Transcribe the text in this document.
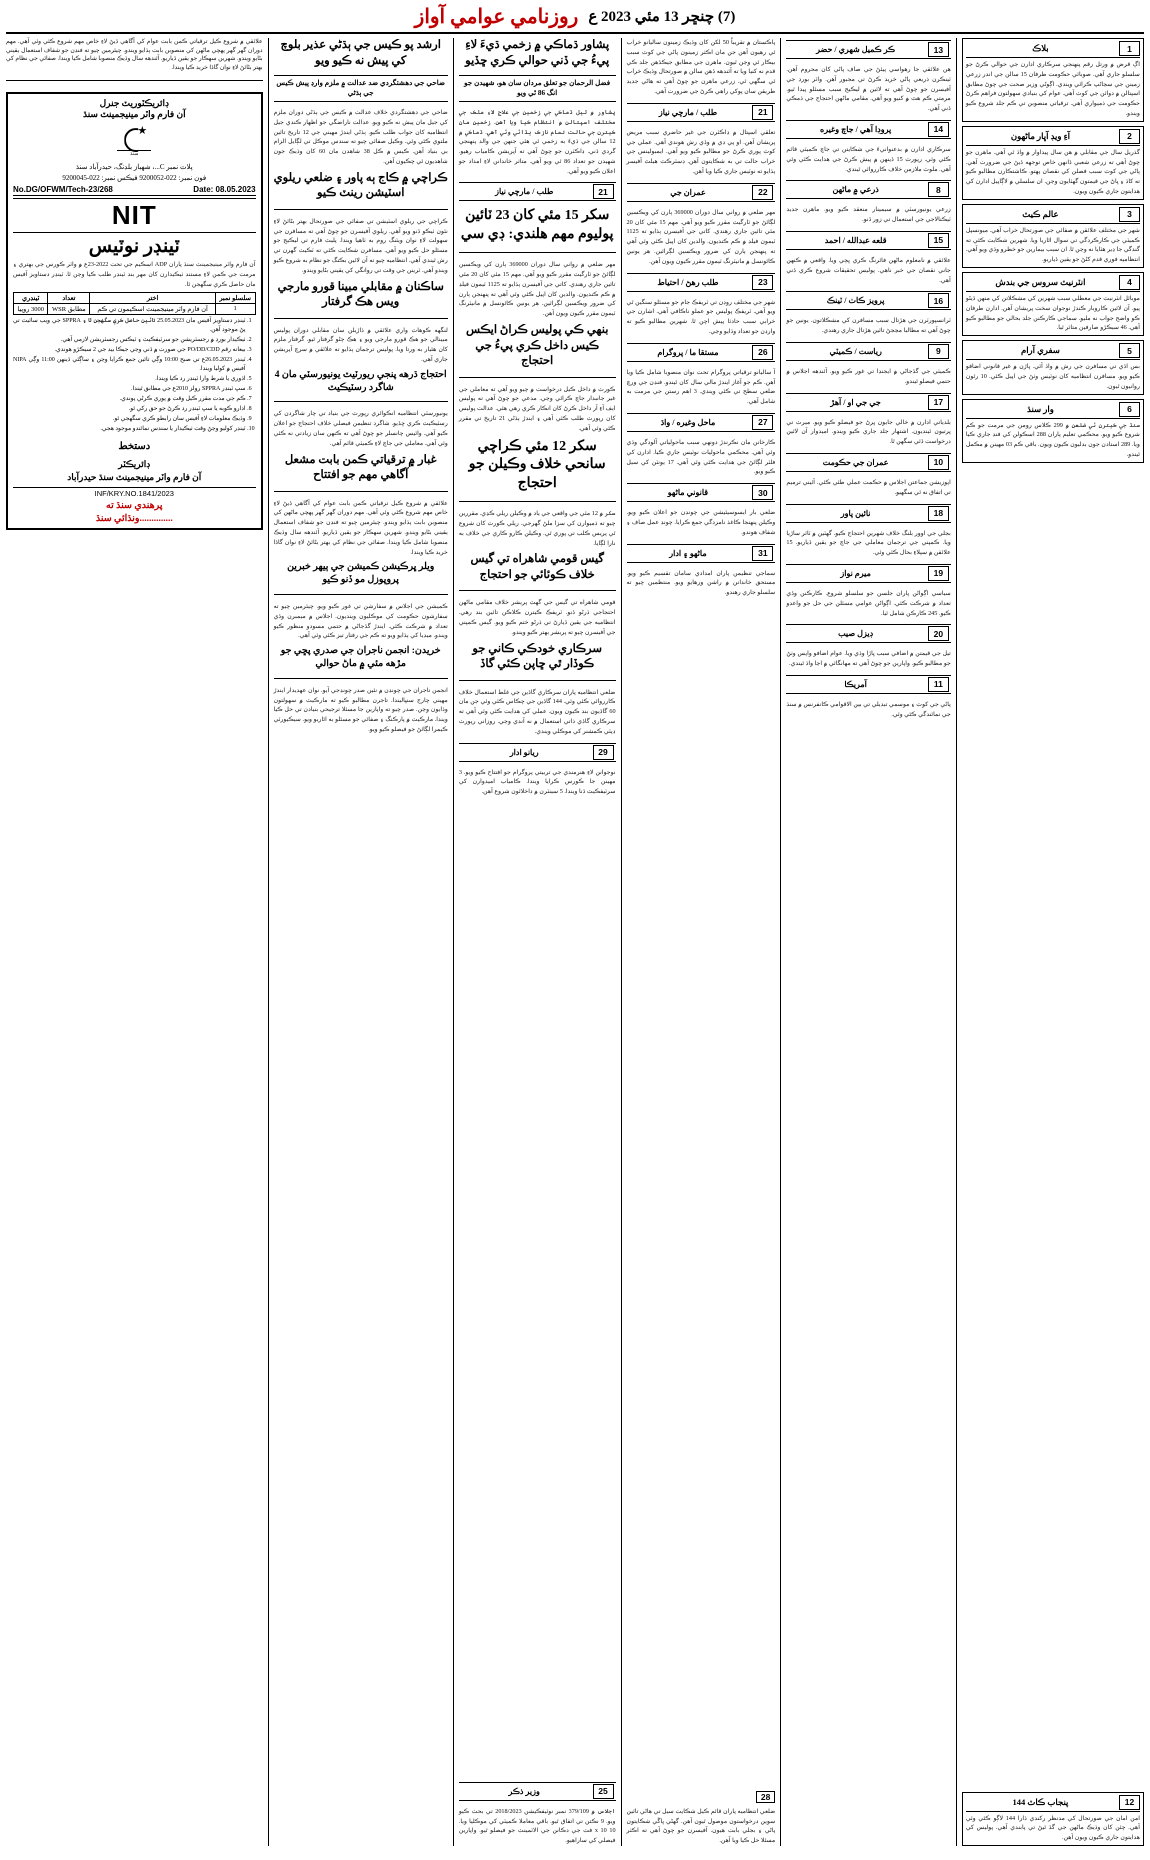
(7) چنڇر 13 مئي 2023 ع
روزنامي عوامي آواز
1
بلاڪ
اڳ قرض ۾ ورتل رقم پنهنجي سرڪاري ادارن جي حوالي ڪرڻ جو سلسلو جاري آهي. صوبائي حڪومت طرفان 15 سالن جي اندر زرعي زمينن جي سڃاڻپ ڪرائي ويندي. اڳوڻي وزير صحت جي چوڻ مطابق اسپتالن ۾ دوائن جي کوٽ آهي. عوام کي بنيادي سهولتون فراهم ڪرڻ حڪومت جي ذميواري آهي. ترقياتي منصوبن تي ڪم جلد شروع ڪيو ويندو.
2
آءِ ويڊ آڀار ماڻهون
گذريل سال جي مقابلي ۾ هن سال پيداوار ۾ واڌ ٿي آهي. ماهرن جو چوڻ آهي ته زرعي شعبي ڏانهن خاص توجهه ڏيڻ جي ضرورت آهي. پاڻي جي کوٽ سبب فصلن کي نقصان پهتو. ڪاشتڪارن مطالبو ڪيو ته کاڌ ۽ ڀاڻ جي قيمتون گهٽايون وڃن. ان سلسلي ۾ لاڳاپيل ادارن کي هدايتون جاري ڪيون ويون.
3
عالم ڪيٽ
شهر جي مختلف علائقن ۾ صفائي جي صورتحال خراب آهي. ميونسپل ڪميٽي جي ڪارڪردگي تي سوال اٿاريا ويا. شهرين شڪايت ڪئي ته گندگي جا ڍير هٽايا نه وڃن ٿا. ان سبب بيمارين جو خطرو وڌي ويو آهي. انتظاميه فوري قدم کڻڻ جو يقين ڏياريو.
4
انٽرنيٽ سروس جي بندش
موبائل انٽرنيٽ جي معطلي سبب شهرين کي مشڪلاتن کي منهن ڏيڻو پيو. آن لائين ڪاروبار ڪندڙ نوجوان سخت پريشان آهن. ادارن طرفان ڪو واضح جواب نه مليو. سماجي ڪارڪنن جلد بحالي جو مطالبو ڪيو آهي. 46 سيڪڙو صارفين متاثر ٿيا.
5
سفري آرام
بس اڏي تي مسافرن جي رش ۾ واڌ آئي. ڀاڙن ۾ غير قانوني اضافو ڪيو ويو. مسافرن انتظاميه کان نوٽيس وٺڻ جي اپيل ڪئي. 10 رٿون روانيون ٿيون.
6
وار سنڌ
سنڌ جي ڪيترن ئي ضلعن ۾ 299 ڪلاس رومن جي مرمت جو ڪم شروع ڪيو ويو. محڪمي تعليم پاران 288 اسڪولن کي فنڊ جاري ڪيا ويا. 289 استادن جون بدليون ڪيون ويون. باقي ڪم 03 مهينن ۾ مڪمل ٿيندو.
12
پنجاب ڪاٽ 144
امن امان جي صورتحال کي مدنظر رکندي ڌارا 144 لاڳو ڪئي وئي آهي. چئن کان وڌيڪ ماڻهن جي گڏ ٿيڻ تي پابندي آهي. پوليس کي هدايتون جاري ڪيون ويون آهن.
13
ڪر ڪميل شهري / حضر
هن علائقي جا رهواسي پيئڻ جي صاف پاڻي کان محروم آهن. ٽينڪرن ذريعي پاڻي خريد ڪرڻ تي مجبور آهن. واٽر بورڊ جي آفيسرن جو چوڻ آهي ته لائين ۾ ليڪيج سبب مسئلو پيدا ٿيو. مرمتي ڪم هٿ ۾ کنيو ويو آهي. مقامي ماڻهن احتجاج جي ڌمڪي ڏني آهي.
14
پروڊا آهي / جاچ وغيره
سرڪاري ادارن ۾ بدعنوانيءَ جي شڪايتن تي جاچ ڪميٽي قائم ڪئي وئي. رپورٽ 15 ڏينهن ۾ پيش ڪرڻ جي هدايت ڪئي وئي آهي. ملوث ملازمن خلاف ڪارروائي ٿيندي.
8
ذرعي ۾ ماڻهن
زرعي يونيورسٽي ۾ سيمينار منعقد ڪيو ويو. ماهرن جديد ٽيڪنالاجي جي استعمال تي زور ڏنو.
15
قلعه عبدالله / احمد
علائقي ۾ نامعلوم ماڻهن فائرنگ ڪري ڀڄي ويا. واقعي ۾ ڪنهن جاني نقصان جي خبر ناهي. پوليس تحقيقات شروع ڪري ڏني آهي.
16
پرويز ڪاٺ / ٽينڪ
ٽرانسپورٽرن جي هڙتال سبب مسافرن کي مشڪلاتون. يونين جو چوڻ آهي ته مطالبا مڃجڻ تائين هڙتال جاري رهندي.
9
رياست / ڪميٽي
ڪميٽي جي گڏجاڻي ۾ ايجنڊا تي غور ڪيو ويو. آئندهه اجلاس ۾ حتمي فيصلو ٿيندو.
17
جي جي او / آهڙ
بلدياتي ادارن ۾ خالي جايون ڀرڻ جو فيصلو ڪيو ويو. ميرٽ تي ڀرتيون ٿينديون. اشتهار جلد جاري ڪيو ويندو. اميدوار آن لائين درخواست ڏئي سگهن ٿا.
10
عمران جي حڪومت
اپوزيشن جماعتن اجلاس ۾ حڪمت عملي طئي ڪئي. آئيني ترميم تي اتفاق نه ٿي سگهيو.
18
نائين پاور
بجلي جي اوور بلنگ خلاف شهرين احتجاج ڪيو. گهٽين ۾ ٽائر ساڙيا ويا. ڪمپني جي ترجمان معاملي جي جاچ جو يقين ڏياريو. 15 علائقن ۾ سپلاءِ بحال ڪئي وئي.
19
ميرم نواز
سياسي اڳواڻن پاران جلسن جو سلسلو شروع. ڪارڪنن وڏي تعداد ۾ شرڪت ڪئي. اڳواڻن عوامي مسئلن جي حل جو واعدو ڪيو. 245 ڪارڪن شامل ٿيا.
20
ڊيزل صيب
تيل جي قيمتن ۾ اضافي سبب ڀاڙا وڌي ويا. عوام اضافو واپس وٺڻ جو مطالبو ڪيو. واپارين جو چوڻ آهي ته مهانگائي ۾ اڃا واڌ ٿيندي.
11
آمريڪا
پاڻي جي کوٽ ۽ موسمي تبديلي تي بين الاقوامي ڪانفرنس ۾ سنڌ جي نمائندگي ڪئي وئي.
پاڪستان ۾ تقريباً 50 لکن کان وڌيڪ زمينون ساليانو خراب ٿي رهيون آهن جن مان اڪثر زمينون پاڻي جي کوٽ سبب بيڪار ٿي وڃن ٿيون. ماهرن جي مطابق جيڪڏهن جلد ڪي قدم نه کنيا ويا ته آئندهه ڏهن سالن ۾ صورتحال وڌيڪ خراب ٿي سگهي ٿي. زرعي ماهرن جو چوڻ آهي ته هاڻي جديد طريقن سان پوکي راهي ڪرڻ جي ضرورت آهي.
21
طلب / مارچي نياز
تعلقي اسپتال ۾ ڊاڪٽرن جي غير حاضري سبب مريض پريشان آهن. او پي ڊي ۾ وڏي رش هوندي آهي. عملي جي کوٽ پوري ڪرڻ جو مطالبو ڪيو ويو آهي. ايمبولينس جي خراب حالت تي به شڪايتون آهن. ڊسٽرڪٽ هيلٿ آفيسر ٻڌايو ته نوٽيس جاري ڪيا ويا آهن.
22
عمران جي
مهر ضلعي ۾ رواني سال دوران 369000 ٻارن کي ويڪسين لڳائڻ جو ٽارگيٽ مقرر ڪيو ويو آهي. مهم 15 مئي کان 20 مئي تائين جاري رهندي. کاتي جي آفيسرن ٻڌايو ته 1125 ٽيمون فيلڊ ۾ ڪم ڪنديون. والدين کان اپيل ڪئي وئي آهي ته پنهنجن ٻارن کي ضرور ويڪسين لڳرائين. هر يونين ڪائونسل ۾ مانيٽرنگ ٽيمون مقرر ڪيون ويون آهن.
23
طلب رهڻ / احتياط
شهر جي مختلف روڊن تي ٽريفڪ جام جو مسئلو سنگين ٿي ويو آهي. ٽريفڪ پوليس جو عملو ناڪافي آهي. اشارن جي خرابي سبب حادثا پيش اچن ٿا. شهرين مطالبو ڪيو ته وارڊن جو تعداد وڌايو وڃي.
26
مستقا ما / پروگرام
آ ساليانو ترقياتي پروگرام تحت نوان منصوبا شامل ڪيا ويا آهن. ڪم جو آغاز ايندڙ مالي سال کان ٿيندو. فنڊن جي ورڇ ضلعي سطح تي ڪئي ويندي. 3 اهم رستن جي مرمت به شامل آهي.
27
ماحل وغيره / واڌ
ڪارخانن مان نڪرندڙ دونهي سبب ماحولياتي آلودگي وڌي وئي آهي. محڪمي ماحوليات نوٽيس جاري ڪيا. ادارن کي فلٽر لڳائڻ جي هدايت ڪئي وئي آهي. 17 يونٽن کي سيل ڪيو ويو.
30
قانوني ماڻهو
ضلعي بار ايسوسيئيشن جي چونڊن جو اعلان ڪيو ويو. وڪيلن پنهنجا ڪاغذ نامزدگي جمع ڪرايا. چونڊ عمل صاف ۽ شفاف هوندو.
31
ماڻهو ۽ ادار
سماجي تنظيمن پاران امدادي سامان تقسيم ڪيو ويو. مستحق خاندانن ۾ راشن ورهايو ويو. منتظمين چيو ته سلسلو جاري رهندو.
28
ضلعي انتظاميه پاران قائم ڪيل شڪايت سيل تي هاڻي تائين سوين درخواستون موصول ٿيون آهن. گهڻي ڀاڱي شڪايتون پاڻي ۽ بجلي بابت هيون. آفيسرن جو چوڻ آهي ته اڪثر مسئلا حل ڪيا ويا آهن.
پشاور ڌماڪي ۾ زخمي ڌيءَ لاءِ پيءُ جي ڏني حوالي ڪري ڇڏيو
فضل الرحمان جو تعلق مردان سان هو، شهيدن جو انگ 86 ٿي ويو
پشاور ۾ ٿيل ڌماڪي جي زخمين جي علاج لاءِ ملڪ جي مختلف اسپتالن ۾ انتظام ڪيا ويا آهن. زخمين مان ڪيترن جي حالت تمام نازڪ ٻڌائي وئي آهي. ڌماڪي ۾ 12 سالن جي ڌيءَ به زخمي ٿي هئي جنهن جي والد پنهنجي گردي ڏني. ڊاڪٽرن جو چوڻ آهي ته آپريشن ڪامياب رهيو. شهيدن جو تعداد 86 ٿي ويو آهي. متاثر خاندانن لاءِ امداد جو اعلان ڪيو ويو آهي.
21
طلب / مارچي نياز
سکر 15 مئي کان 23 ٽائين پوليوم مهم هلندي: ڊي سي
مهر ضلعي ۾ رواني سال دوران 369000 ٻارن کي ويڪسين لڳائڻ جو ٽارگيٽ مقرر ڪيو ويو آهي. مهم 15 مئي کان 20 مئي تائين جاري رهندي. کاتي جي آفيسرن ٻڌايو ته 1125 ٽيمون فيلڊ ۾ ڪم ڪنديون. والدين کان اپيل ڪئي وئي آهي ته پنهنجن ٻارن کي ضرور ويڪسين لڳرائين. هر يونين ڪائونسل ۾ مانيٽرنگ ٽيمون مقرر ڪيون ويون آهن.
بنهي ڪي پوليس ڪراڻ ايڪس ڪيس داخل ڪري پيءُ جي احتجاج
ڪورٽ ۾ داخل ڪيل درخواست ۾ چيو ويو آهي ته معاملي جي غير جانبدار جاچ ڪرائي وڃي. مدعي جو چوڻ آهي ته پوليس ايف آءِ آر داخل ڪرڻ کان انڪار ڪري رهي هئي. عدالت پوليس کان رپورٽ طلب ڪئي آهي ۽ ايندڙ ٻڌڻي 21 تاريخ تي مقرر ڪئي وئي آهي.
سکر 12 مئي ڪراچي سانحي خلاف وڪيلن جو احتجاج
سکر ۾ 12 مئي جي واقعي جي ياد ۾ وڪيلن ريلي ڪڍي. مقررين چيو ته ذميوارن کي سزا ملڻ گهرجي. ريلي ڪورٽ کان شروع ٿي پريس ڪلب تي پوري ٿي. وڪيلن ڪارو ڪاري جي خلاف به نارا لڳايا.
گيس قومي شاهراه تي گيس خلاف ڪوئائي جو احتجاج
قومي شاهراه تي گيس جي گهٽ پريشر خلاف مقامي ماڻهن احتجاجي ڌرڻو ڏنو. ٽريفڪ ڪيترن ڪلاڪن تائين بند رهي. انتظاميه جي يقين ڏيارڻ تي ڌرڻو ختم ڪيو ويو. گيس ڪمپني جي آفيسرن چيو ته پريشر بهتر ڪيو ويندو.
سرڪاري خودڪي ڪاني جو ڪوڏار ٿي ڇاپن ڪئي گاڏ
ضلعي انتظاميه پاران سرڪاري گاڏين جي غلط استعمال خلاف ڪارروائي ڪئي وئي. 144 گاڏين جي چڪاس ڪئي وئي جن مان 60 گاڏيون بند ڪيون ويون. عملي کي هدايت ڪئي وئي آهي ته سرڪاري گاڏي ذاتي استعمال ۾ نه آندي وڃي. روزاني رپورٽ ڊپٽي ڪمشنر کي موڪلي ويندي.
29
ريانو ادار
نوجوانن لاءِ هنرمندي جي تربيتي پروگرام جو افتتاح ڪيو ويو. 3 مهينن جا ڪورس ڪرايا ويندا. ڪامياب اميدوارن کي سرٽيفڪيٽ ڏنا ويندا. 5 سينٽرن ۾ داخلائون شروع آهن.
25
وزير ذڪر
اجلاس ۾ 379/109 نمبر نوٽيفڪيشن 2018/2023 تي بحث ڪيو ويو. 9 نڪتن تي اتفاق ٿيو. باقي معاملا ڪميٽي کي موڪليا ويا. 10 x 10 فٽ جي دڪانن جي الاٽمينٽ جو فيصلو ٿيو. واپارين فيصلي کي ساراهيو.
ارشد پو ڪيس جي ٻڌڻي عذير بلوچ کي پيش نه ڪيو ويو
ضاحي جي دهشتگردي ضد عدالت ۾ ملزم وارڊ پيش ڪيس جي ٻڌڻي
ضاحي جي دهشتگردي خلاف عدالت ۾ ڪيس جي ٻڌڻي دوران ملزم کي جيل مان پيش نه ڪيو ويو. عدالت ناراضگي جو اظهار ڪندي جيل انتظاميه کان جواب طلب ڪيو. ٻڌڻي ايندڙ مهيني جي 12 تاريخ تائين ملتوي ڪئي وئي. وڪيل صفائي چيو ته سندس موڪل تي لڳايل الزام بي بنياد آهن. ڪيس ۾ ڪل 38 شاهدن مان 60 کان وڌيڪ جون شاهديون ٿي چڪيون آهن.
ڪراچي ۾ ڪاج ٻه پاور ۽ ضلعي ريلوي اسٽيشن رينٽ ڪيو
ڪراچي جي ريلوي اسٽيشن تي صفائي جي صورتحال بهتر بڻائڻ لاءِ نئون ٺيڪو ڏنو ويو آهي. ريلوي آفيسرن جو چوڻ آهي ته مسافرن جي سهولت لاءِ نوان ويٽنگ روم به ٺاهيا ويندا. پليٽ فارم تي ليڪيج جو مسئلو حل ڪيو ويو آهي. مسافرن شڪايت ڪئي ته ٽڪيٽ گهرن تي رش ٿيندي آهي. انتظاميه چيو ته آن لائين بڪنگ جو نظام به شروع ڪيو ويندو آهي. ٽرينن جي وقت تي روانگي کي يقيني بڻايو ويندو.
ساڪنان ۾ مقابلي مبينا قورو مارجي ويس هڪ گرفتار
لنگهه ڪوهاٽ واري علائقي ۾ ڌاڙيلن سان مقابلي دوران پوليس مبينالي جو هڪ قورو مارجي ويو ۽ هڪ ڄڻو گرفتار ٿيو. گرفتار ملزم کان هٿيار به ورتا ويا. پوليس ترجمان ٻڌايو ته علائقي ۾ سرچ آپريشن جاري آهي.
احتجاج ڌرهه پنجي ريورٽيٽ يونيورسٽي مان 4 شاگرد رسٽيڪيٽ
يونيورسٽي انتظاميه انڪوائري رپورٽ جي بنياد تي چار شاگردن کي رسٽيڪيٽ ڪري ڇڏيو. شاگرد تنظيمن فيصلي خلاف احتجاج جو اعلان ڪيو آهي. وائيس چانسلر جو چوڻ آهي ته ڪنهن سان زيادتي نه ڪئي وئي آهي. معاملي جي جاچ لاءِ ڪميٽي قائم آهي.
غبار ۾ ترقياتي ڪمن بابت مشعل آگاهي مهم جو افتتاح
علائقي ۾ شروع ڪيل ترقياتي ڪمن بابت عوام کي آگاهي ڏيڻ لاءِ خاص مهم شروع ڪئي وئي آهي. مهم دوران گهر گهر پهچي ماڻهن کي منصوبن بابت ٻڌايو ويندو. چيئرمين چيو ته فنڊن جو شفاف استعمال يقيني بڻايو ويندو. شهرين سهڪار جو يقين ڏياريو. آئندهه سال وڌيڪ منصوبا شامل ڪيا ويندا. صفائي جي نظام کي بهتر بڻائڻ لاءِ نوان گاڏا خريد ڪيا ويندا.
ويلر ڀرڪيشن ڪميشن جي ٻيهر خبرين پروپوزل مو ڏنو ڪيو
ڪميشن جي اجلاس ۾ سفارشن تي غور ڪيو ويو. چيئرمين چيو ته سفارشون حڪومت کي موڪليون وينديون. اجلاس ۾ ميمبرن وڏي تعداد ۾ شرڪت ڪئي. ايندڙ گڏجاڻي ۾ حتمي مسودو منظور ڪيو ويندو. ميڊيا کي ٻڌايو ويو ته ڪم جي رفتار تيز ڪئي وئي آهي.
خريدن: انجمن ناجران جي صدري پڇي جو مڙهه مئي ۾ ماڻ حوالي
انجمن تاجران جي چونڊن ۾ نئين صدر چونڊجي آيو. نوان عهديدار ايندڙ مهيني چارج سنڀاليندا. تاجرن مطالبو ڪيو ته مارڪيٽ ۾ سهولتون وڌايون وڃن. صدر چيو ته واپارين جا مسئلا ترجيحي بنيادن تي حل ڪيا ويندا. مارڪيٽ ۾ پارڪنگ ۽ صفائي جو مسئلو به اٿاريو ويو. سيڪيورٽي ڪيمرا لڳائڻ جو فيصلو ڪيو ويو.
علائقي ۾ شروع ڪيل ترقياتي ڪمن بابت عوام کي آگاهي ڏيڻ لاءِ خاص مهم شروع ڪئي وئي آهي. مهم دوران گهر گهر پهچي ماڻهن کي منصوبن بابت ٻڌايو ويندو. چيئرمين چيو ته فنڊن جو شفاف استعمال يقيني بڻايو ويندو. شهرين سهڪار جو يقين ڏياريو. آئندهه سال وڌيڪ منصوبا شامل ڪيا ويندا. صفائي جي نظام کي بهتر بڻائڻ لاءِ نوان گاڏا خريد ڪيا ويندا.
ڊائريڪٽوريٽ جنرل
آن فارم واٽر مينيجمينٽ سنڌ
★
سنڌ
پلاٽ نمبر C...، شهباز بلڊنگ، حيدرآباد سنڌ
فون نمبر: 022-9200052 فيڪس نمبر: 022-9200045
Date: 08.05.2023
No.DG/OFWM/Tech-23/268
NIT
ٽينڊر نوٽيس
آن فارم واٽر مينيجمينٽ سنڌ پاران ADP اسڪيم جي تحت 2022-23ع ۾ واٽر ڪورس جي بهتري ۽ مرمت جي ڪمن لاءِ مستند ٺيڪيدارن کان مهر بند ٽينڊر طلب ڪيا وڃن ٿا. ٽينڊر دستاويز آفيس مان حاصل ڪري سگهجن ٿا.
سلسلو نمبر	اختر	تعداد	ٽينڊري
1	آن فارم واٽر مينيجمينٽ اسڪيمون تي ڪم	مطابق WSR	3000 روپيا
1. ٽينڊر دستاويز آفيس مان 25.05.2023 تائين حاصل ڪري سگهجن ٿا ۽ SPPRA جي ويب سائيٽ تي پڻ موجود آهن.
2. ٺيڪيدار بورڊ ۾ رجسٽريشن جو سرٽيفڪيٽ ۽ ٽيڪس رجسٽريشن لازمي آهي.
3. بيعانه رقم PO/DD/CDD جي صورت ۾ ڏني وڃي جيڪا بيد جي 2 سيڪڙو هوندي.
4. ٽينڊر 26.05.2023ع تي صبح 10:00 وڳي تائين جمع ڪرايا وڃن ۽ ساڳئي ڏينهن 11:00 وڳي NIPA آفيس ۾ کوليا ويندا.
5. اڌوري يا شرط وارا ٽينڊر رد ڪيا ويندا.
6. سڀ ٽينڊر SPPRA رولز 2010ع جي مطابق ٿيندا.
7. ڪم جي مدت مقرر ڪيل وقت ۾ پوري ڪرڻي پوندي.
8. ادارو ڪوبه يا سڀ ٽينڊر رد ڪرڻ جو حق رکي ٿو.
9. وڌيڪ معلومات لاءِ آفيس سان رابطو ڪري سگهجي ٿو.
10. ٽينڊر کوليو وڃڻ وقت ٺيڪيدار يا سندس نمائندو موجود هجي.
دستخط
ڊائريڪٽر
آن فارم واٽر مينيجمينٽ سنڌ حيدرآباد
INF/KRY.NO.1841/2023
پرهندي سنڌ ته
..............ونڌائي سنڌ
